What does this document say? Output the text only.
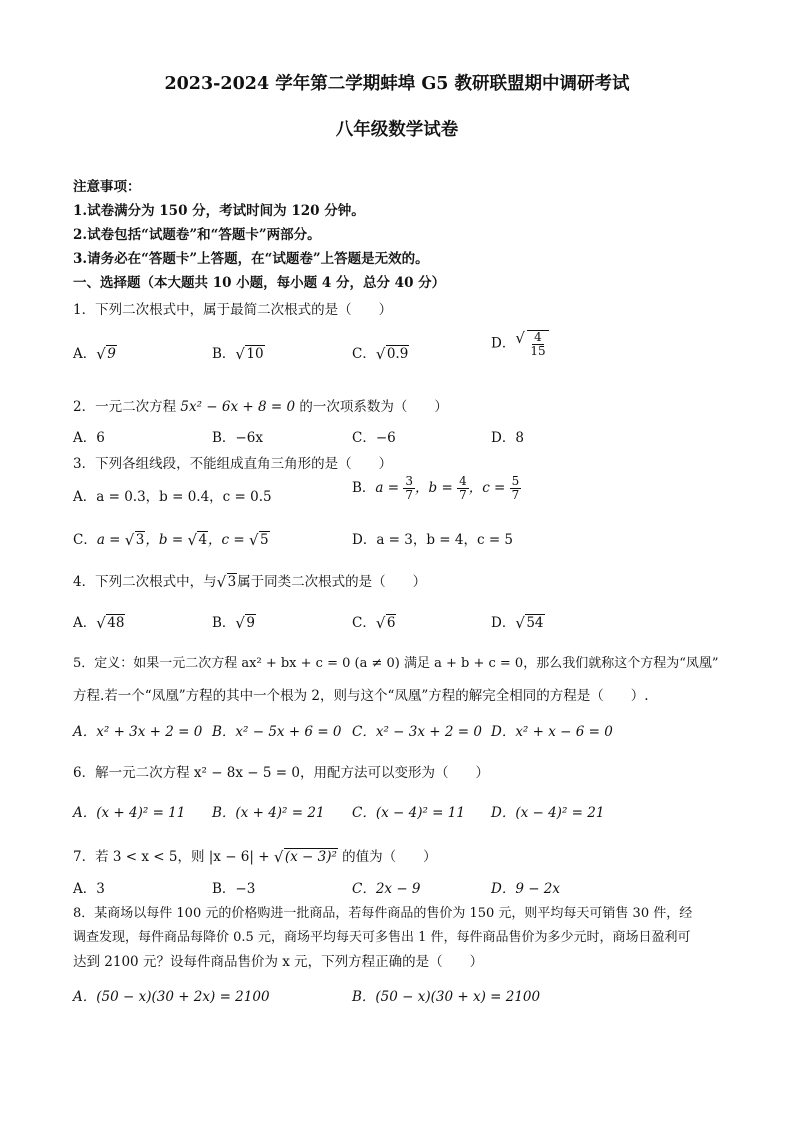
2023-2024 学年第二学期蚌埠 G5 教研联盟期中调研考试
八年级数学试卷
注意事项：
1.试卷满分为 150 分，考试时间为 120 分钟。
2.试卷包括“试题卷”和“答题卡”两部分。
3.请务必在“答题卡”上答题，在“试题卷”上答题是无效的。
一、选择题（本大题共 10 小题，每小题 4 分，总分 40 分）
1．下列二次根式中，属于最简二次根式的是（　　）
A． √ 9	B． √ 10	C． √ 0.9
D． √ $\frac{4}{15}$
2．一元二次方程 5x² − 6x + 8 = 0 的一次项系数为（　　）
A．6	B．−6x	C．−6	D．8
3．下列各组线段，不能组成直角三角形的是（　　）
A．a = 0.3，b = 0.4，c = 0.5
B．$a = \frac{3}{7}$ ，$b = \frac{4}{7}$ ，$c = \frac{5}{7}$
C．a = √ 3，b = √ 4，c = √ 5	D．a = 3，b = 4，c = 5
4．下列二次根式中，与 √ 3属于同类二次根式的是（　　）
A． √ 48	B． √ 9	C． √ 6	D． √ 54
5．定义：如果一元二次方程 ax² + bx + c = 0 (a ≠ 0) 满足 a + b + c = 0，那么我们就称这个方程为“凤凰”
方程.若一个“凤凰”方程的其中一个根为 2，则与这个“凤凰”方程的解完全相同的方程是（　　）.
A．x² + 3x + 2 = 0 B．x² − 5x + 6 = 0 C．x² − 3x + 2 = 0 D．x² + x − 6 = 0
6．解一元二次方程 x² − 8x − 5 = 0，用配方法可以变形为（　　）
A．(x + 4)² = 11 B．(x + 4)² = 21 C．(x − 4)² = 11 D．(x − 4)² = 21
7．若 3 < x < 5，则 |x − 6| + √ (x − 3)² 的值为（　　）
A．3	B．−3	C．2x − 9	D．9 − 2x
8．某商场以每件 100 元的价格购进一批商品，若每件商品的售价为 150 元，则平均每天可销售 30 件，经
调查发现，每件商品每降价 0.5 元，商场平均每天可多售出 1 件，每件商品售价为多少元时，商场日盈利可
达到 2100 元？设每件商品售价为 x 元，下列方程正确的是（　　）
A．(50 − x)(30 + 2x) = 2100	B．(50 − x)(30 + x) = 2100
